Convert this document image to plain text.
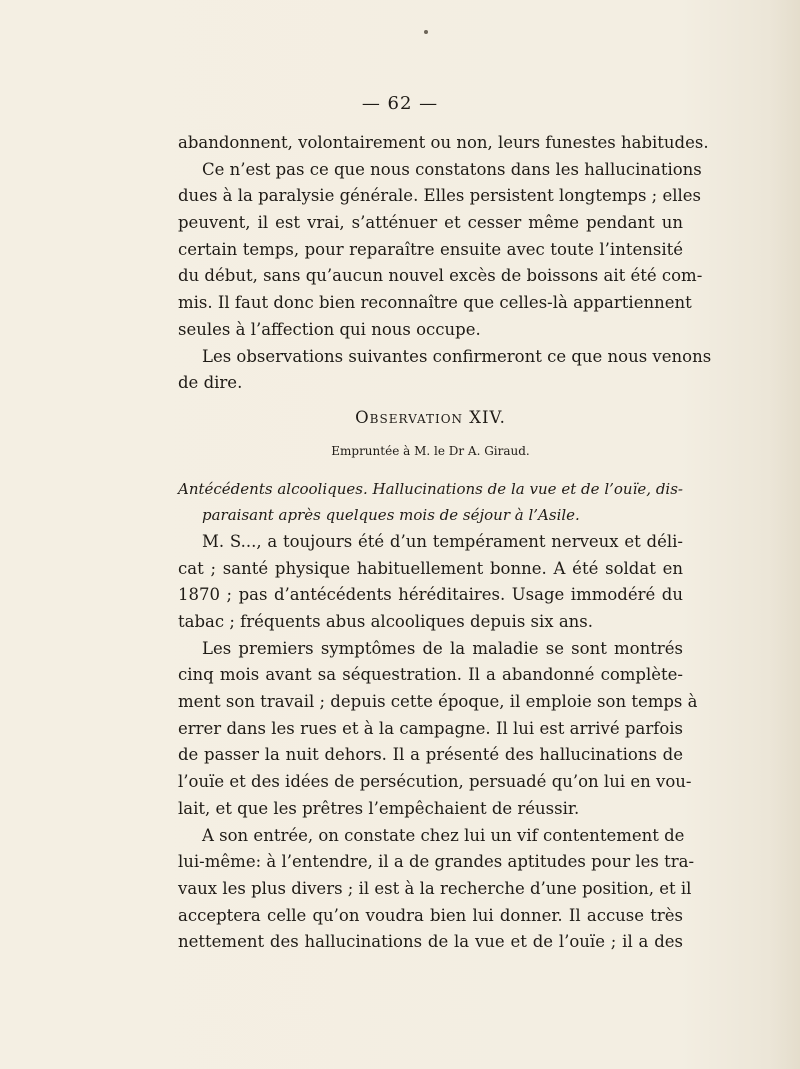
— 62 —
abandonnent, volontairement ou non, leurs funestes habitudes.
Ce n’est pas ce que nous constatons dans les hallucinations
dues à la paralysie générale. Elles persistent longtemps ; elles
peuvent, il est vrai, s’atténuer et cesser même pendant un
certain temps, pour reparaître ensuite avec toute l’intensité
du début, sans qu’aucun nouvel excès de boissons ait été com-
mis. Il faut donc bien reconnaître que celles-là appartiennent
seules à l’affection qui nous occupe.
Les observations suivantes confirmeront ce que nous venons
de dire.
Observation XIV.
Empruntée à M. le Dr A. Giraud.
Antécédents alcooliques. Hallucinations de la vue et de l’ouïe, dis-
paraisant après quelques mois de séjour à l’Asile.
M. S..., a toujours été d’un tempérament nerveux et déli-
cat ; santé physique habituellement bonne. A été soldat en
1870 ; pas d’antécédents héréditaires. Usage immodéré du
tabac ; fréquents abus alcooliques depuis six ans.
Les premiers symptômes de la maladie se sont montrés
cinq mois avant sa séquestration. Il a abandonné complète-
ment son travail ; depuis cette époque, il emploie son temps à
errer dans les rues et à la campagne. Il lui est arrivé parfois
de passer la nuit dehors. Il a présenté des hallucinations de
l’ouïe et des idées de persécution, persuadé qu’on lui en vou-
lait, et que les prêtres l’empêchaient de réussir.
A son entrée, on constate chez lui un vif contentement de
lui-même: à l’entendre, il a de grandes aptitudes pour les tra-
vaux les plus divers ; il est à la recherche d’une position, et il
acceptera celle qu’on voudra bien lui donner. Il accuse très
nettement des hallucinations de la vue et de l’ouïe ; il a des
